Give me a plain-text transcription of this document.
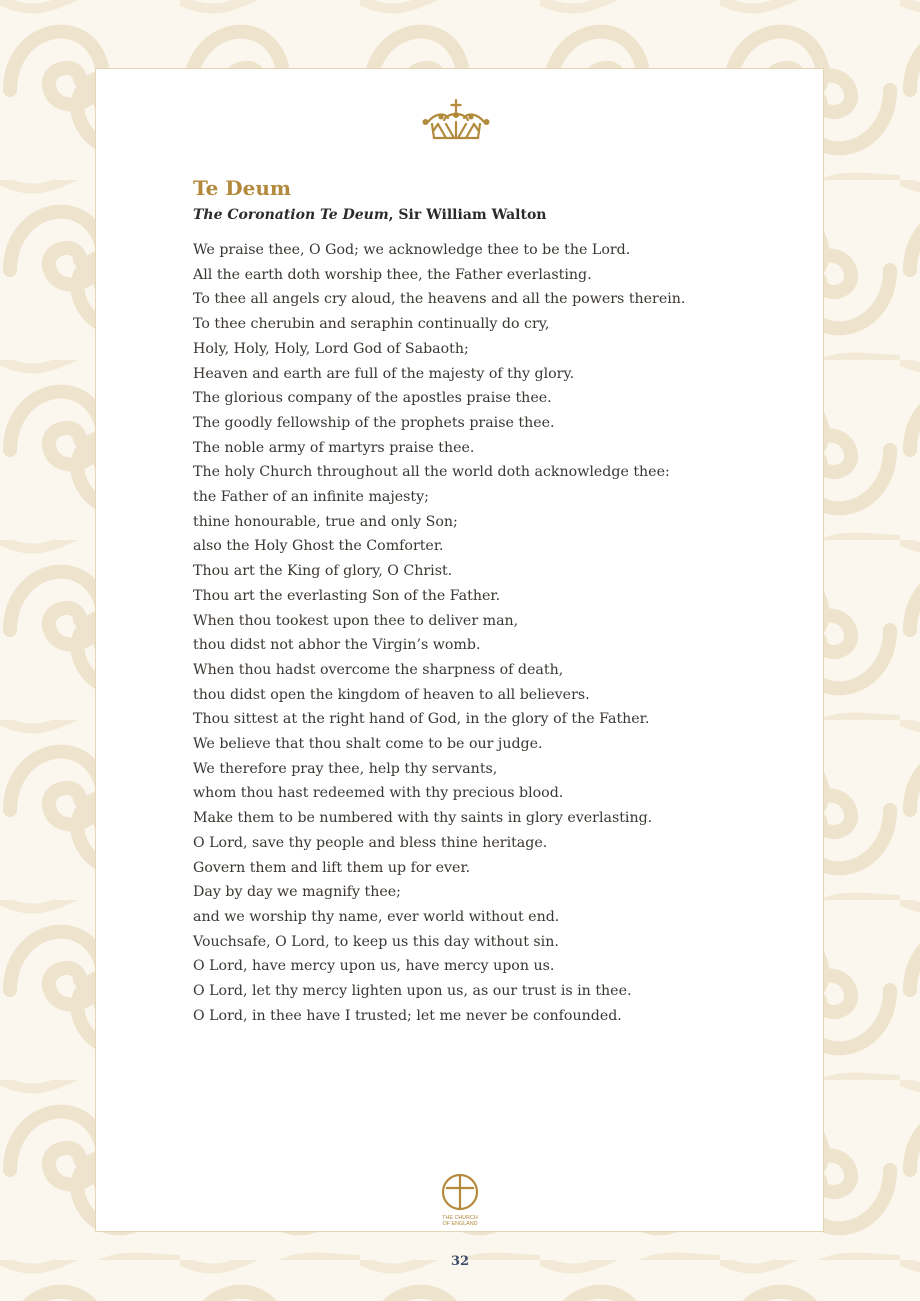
Te Deum

The Coronation Te Deum, Sir William Walton

We praise thee, O God; we acknowledge thee to be the Lord.
All the earth doth worship thee, the Father everlasting.
To thee all angels cry aloud, the heavens and all the powers therein.
To thee cherubin and seraphin continually do cry,
Holy, Holy, Holy, Lord God of Sabaoth;
Heaven and earth are full of the majesty of thy glory.
The glorious company of the apostles praise thee.
The goodly fellowship of the prophets praise thee.
The noble army of martyrs praise thee.
The holy Church throughout all the world doth acknowledge thee:
the Father of an infinite majesty;
thine honourable, true and only Son;
also the Holy Ghost the Comforter.
Thou art the King of glory, O Christ.
Thou art the everlasting Son of the Father.
When thou tookest upon thee to deliver man,
thou didst not abhor the Virgin’s womb.
When thou hadst overcome the sharpness of death,
thou didst open the kingdom of heaven to all believers.
Thou sittest at the right hand of God, in the glory of the Father.
We believe that thou shalt come to be our judge.
We therefore pray thee, help thy servants,
whom thou hast redeemed with thy precious blood.
Make them to be numbered with thy saints in glory everlasting.
O Lord, save thy people and bless thine heritage.
Govern them and lift them up for ever.
Day by day we magnify thee;
and we worship thy name, ever world without end.
Vouchsafe, O Lord, to keep us this day without sin.
O Lord, have mercy upon us, have mercy upon us.
O Lord, let thy mercy lighten upon us, as our trust is in thee.
O Lord, in thee have I trusted; let me never be confounded.
THE CHURCH
OF ENGLAND
32
